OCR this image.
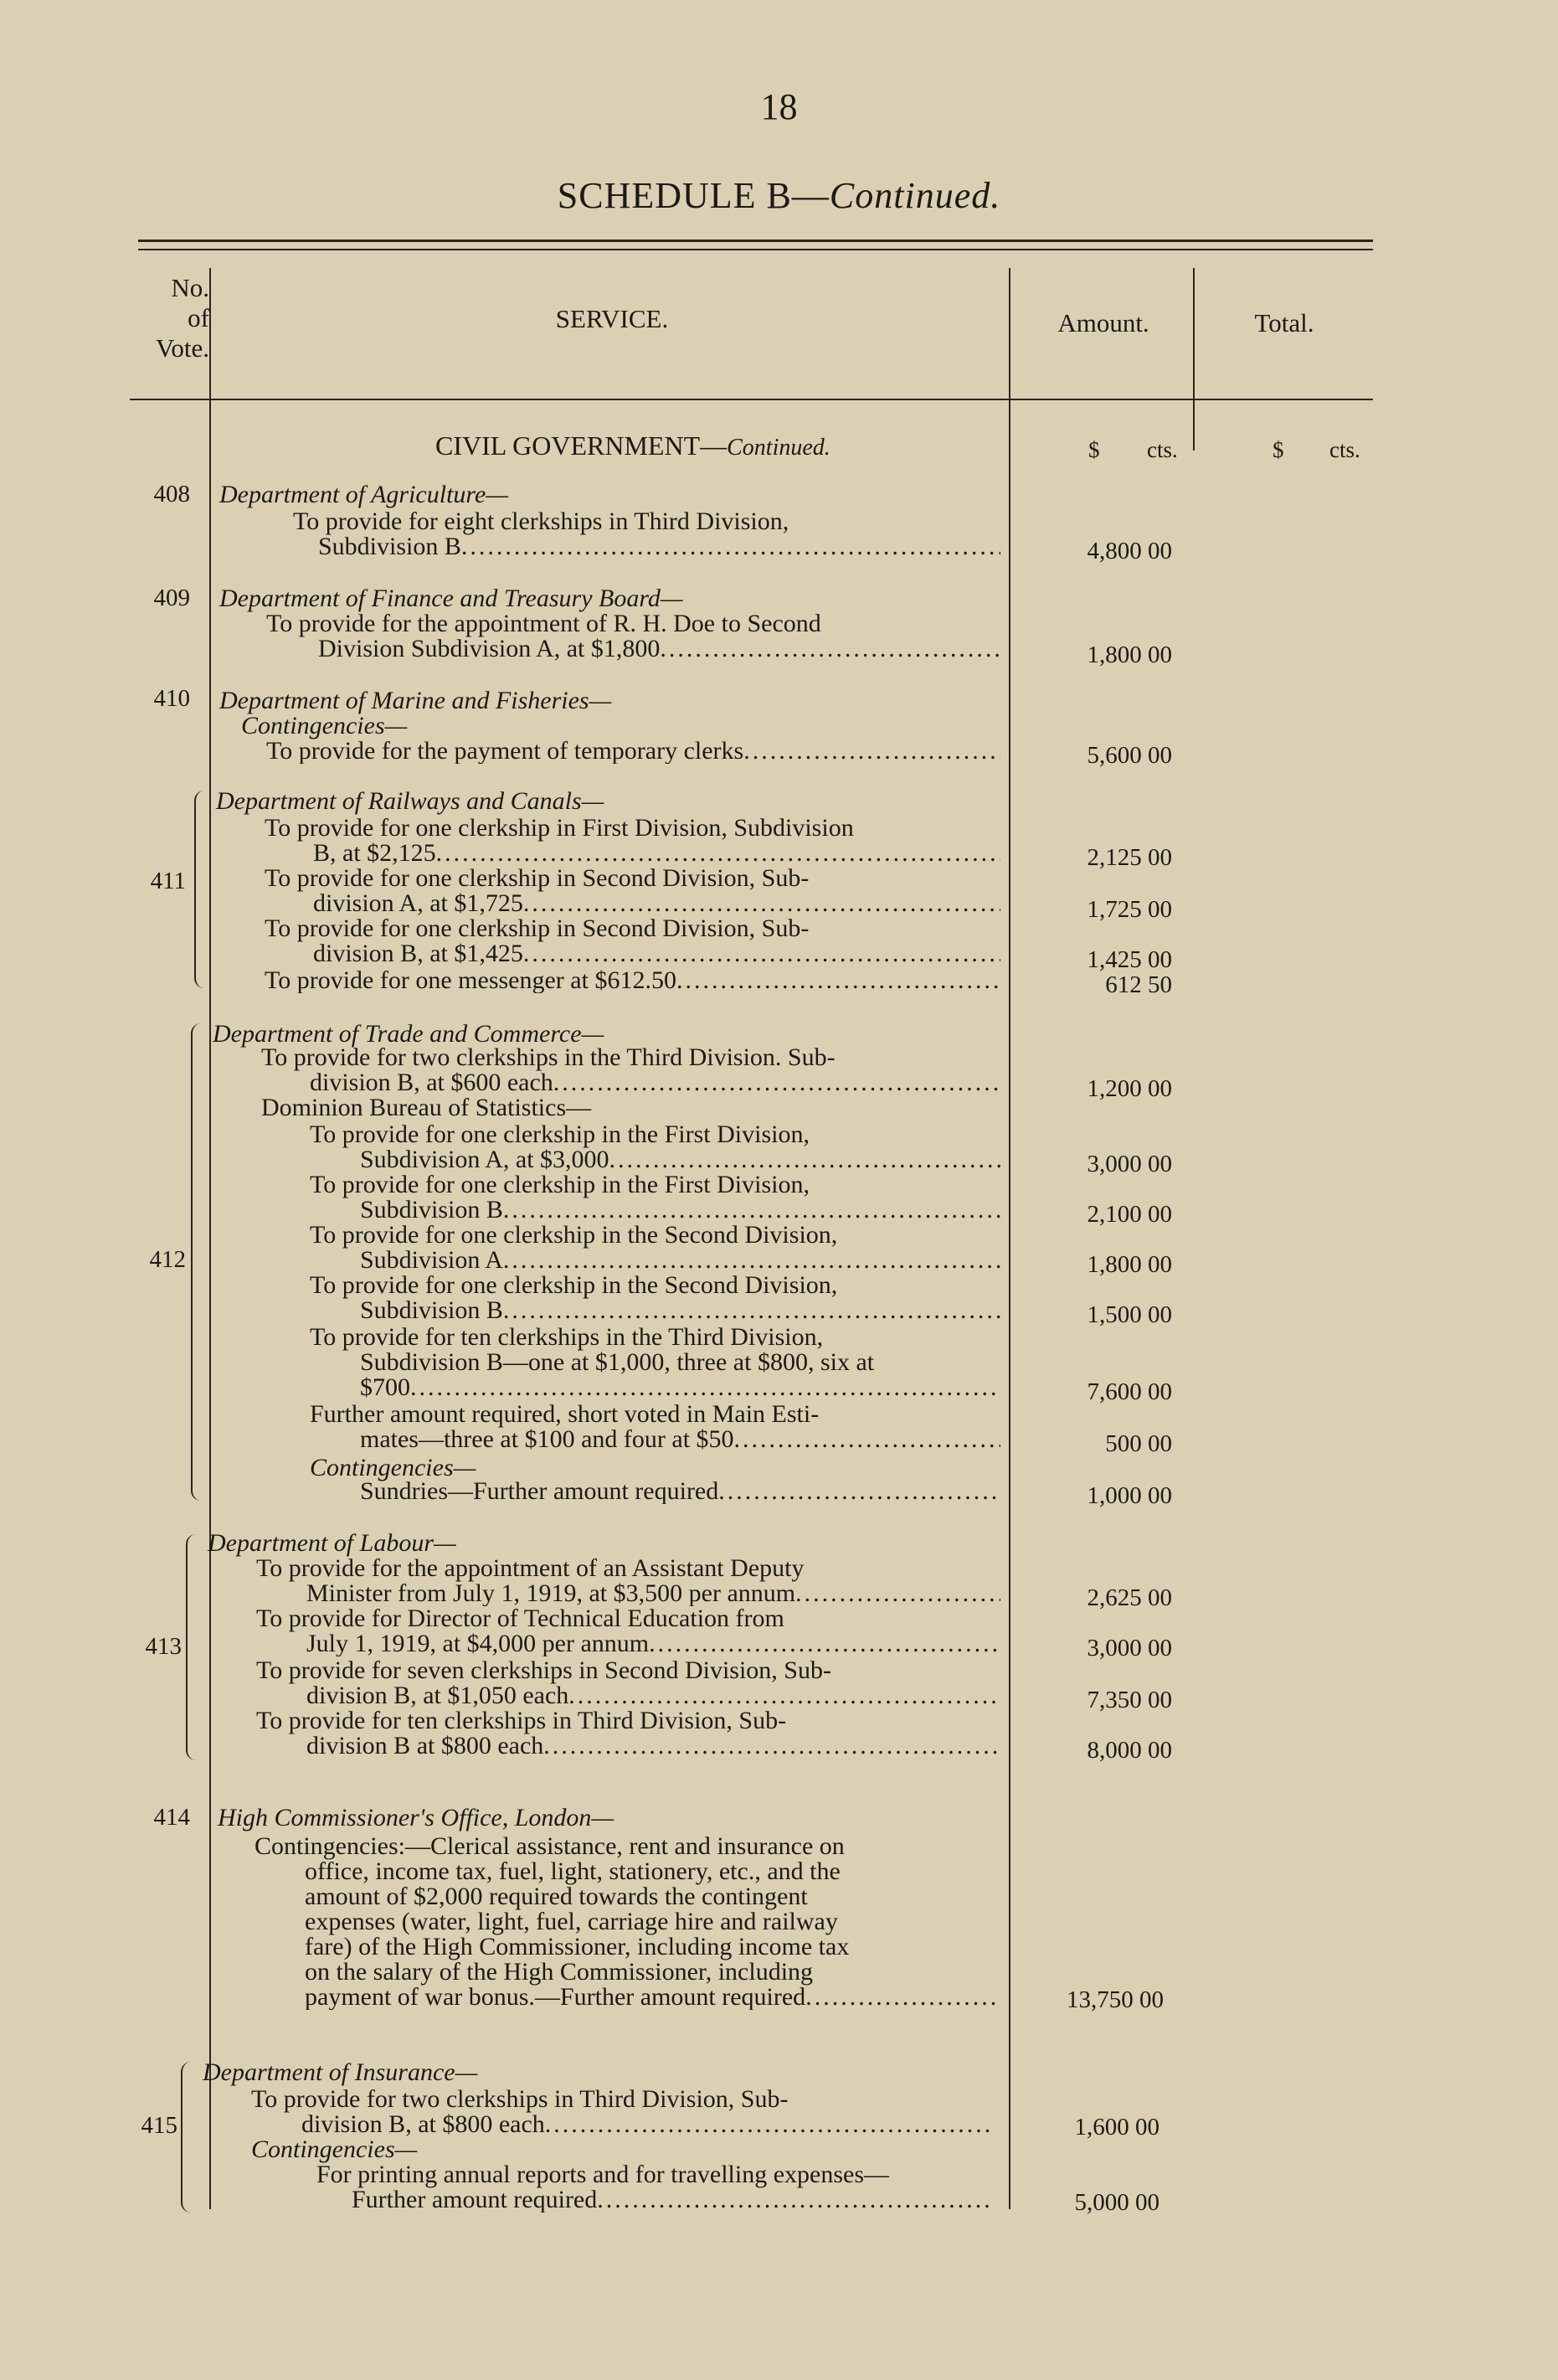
18
SCHEDULE B—Continued.
No.
of
Vote.
SERVICE.	Amount.	Total.
CIVIL GOVERNMENT—Continued.	$ cts.	$ cts.
408 Department of Agriculture—
To provide for eight clerkships in Third Division,
Subdivision B .....	4,800 00
409 Department of Finance and Treasury Board—
To provide for the appointment of R. H. Doe to Second
Division Subdivision A, at $1,800 .....	1,800 00
410 Department of Marine and Fisheries—
Contingencies—
To provide for the payment of temporary clerks .....	5,600 00
411
Department of Railways and Canals—
To provide for one clerkship in First Division, Subdivision
B, at $2,125 .....	2,125 00
To provide for one clerkship in Second Division, Sub-
division A, at $1,725 .....	1,725 00
To provide for one clerkship in Second Division, Sub-
division B, at $1,425 .....	1,425 00
To provide for one messenger at $612.50 .....	612 50
412
Department of Trade and Commerce—
To provide for two clerkships in the Third Division. Sub-
division B, at $600 each .....	1,200 00
Dominion Bureau of Statistics—
To provide for one clerkship in the First Division,
Subdivision A, at $3,000 .....	3,000 00
To provide for one clerkship in the First Division,
Subdivision B .....	2,100 00
To provide for one clerkship in the Second Division,
Subdivision A .....	1,800 00
To provide for one clerkship in the Second Division,
Subdivision B .....	1,500 00
To provide for ten clerkships in the Third Division,
Subdivision B—one at $1,000, three at $800, six at
$700 .....	7,600 00
Further amount required, short voted in Main Esti-
mates—three at $100 and four at $50 .....	500 00
Contingencies—
Sundries—Further amount required .....	1,000 00
413
Department of Labour—
To provide for the appointment of an Assistant Deputy
Minister from July 1, 1919, at $3,500 per annum .....	2,625 00
To provide for Director of Technical Education from
July 1, 1919, at $4,000 per annum .....	3,000 00
To provide for seven clerkships in Second Division, Sub-
division B, at $1,050 each .....	7,350 00
To provide for ten clerkships in Third Division, Sub-
division B at $800 each .....	8,000 00
414 High Commissioner's Office, London—
Contingencies:—Clerical assistance, rent and insurance on
office, income tax, fuel, light, stationery, etc., and the
amount of $2,000 required towards the contingent
expenses (water, light, fuel, carriage hire and railway
fare) of the High Commissioner, including income tax
on the salary of the High Commissioner, including
payment of war bonus.—Further amount required .....	13,750 00
415
Department of Insurance—
To provide for two clerkships in Third Division, Sub-
division B, at $800 each .....	1,600 00
Contingencies—
For printing annual reports and for travelling expenses—
Further amount required .....	5,000 00
